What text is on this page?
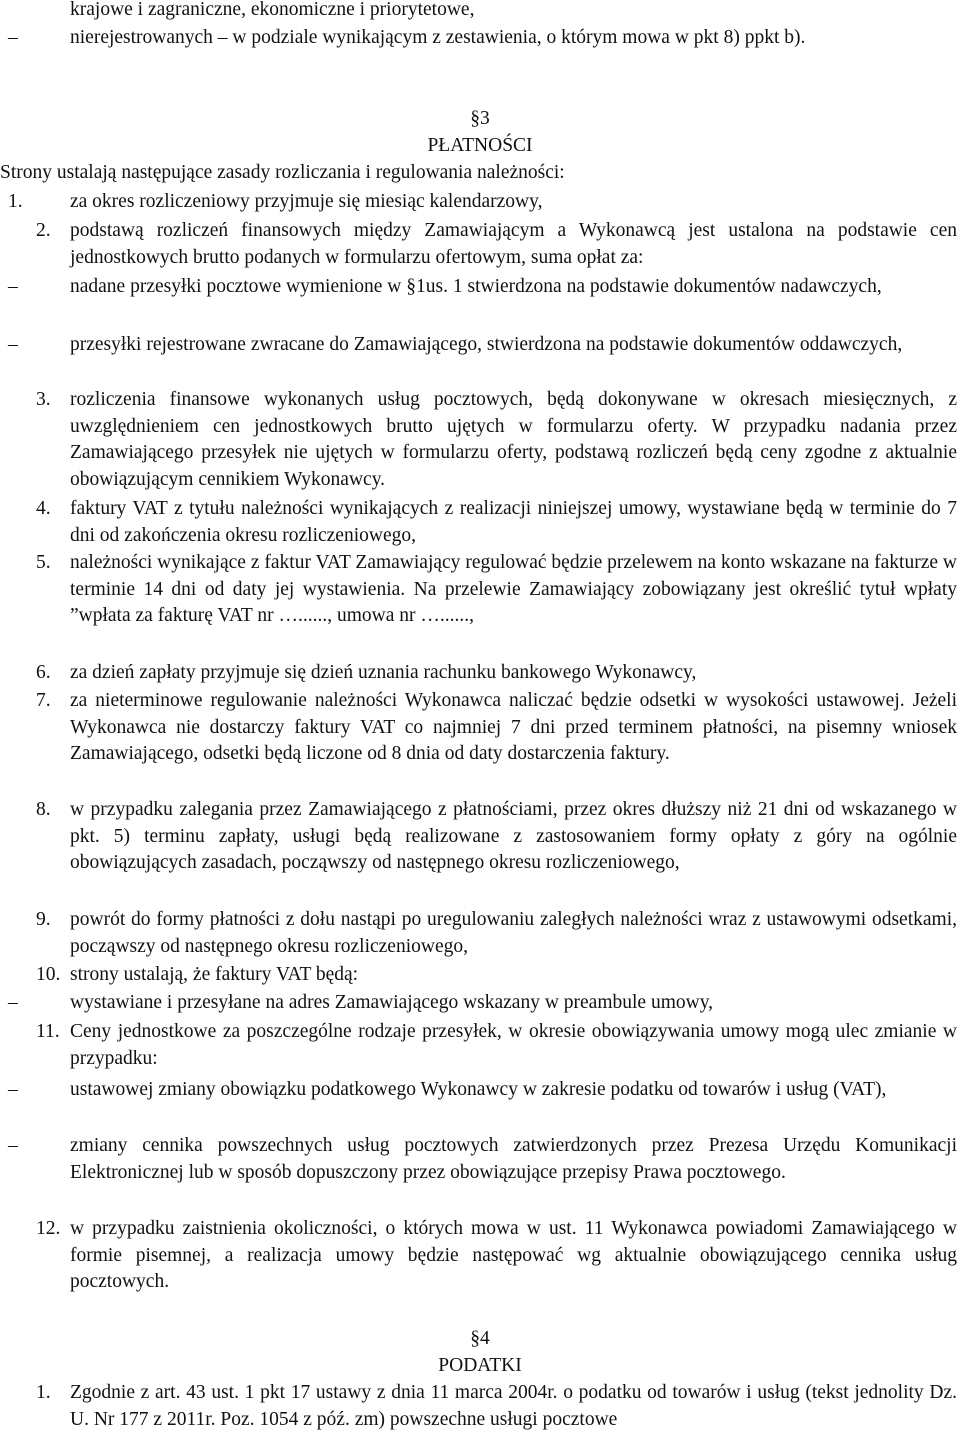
krajowe i zagraniczne, ekonomiczne i priorytetowe,
–	nierejestrowanych – w podziale wynikającym z zestawienia, o którym mowa w pkt 8) ppkt b).
§3
PŁATNOŚCI
Strony ustalają następujące zasady rozliczania i regulowania należności:
1. za okres rozliczeniowy przyjmuje się miesiąc kalendarzowy,
2. podstawą rozliczeń finansowych między Zamawiającym a Wykonawcą jest ustalona na podstawie cen jednostkowych brutto podanych w formularzu ofertowym, suma opłat za:
–	nadane przesyłki pocztowe wymienione w §1us. 1 stwierdzona na podstawie dokumentów nadawczych,
–	przesyłki rejestrowane zwracane do Zamawiającego, stwierdzona na podstawie dokumentów oddawczych,
3. rozliczenia finansowe wykonanych usług pocztowych, będą dokonywane w okresach miesięcznych, z uwzględnieniem cen jednostkowych brutto ujętych w formularzu oferty. W przypadku nadania przez Zamawiającego przesyłek nie ujętych w formularzu oferty, podstawą rozliczeń będą ceny zgodne z aktualnie obowiązującym cennikiem Wykonawcy.
4. faktury VAT z tytułu należności wynikających z realizacji niniejszej umowy, wystawiane będą w terminie do 7 dni od zakończenia okresu rozliczeniowego,
5. należności wynikające z faktur VAT Zamawiający regulować będzie przelewem na konto wskazane na fakturze w terminie 14 dni od daty jej wystawienia. Na przelewie Zamawiający zobowiązany jest określić tytuł wpłaty ”wpłata za fakturę VAT nr …......, umowa nr …......,
6. za dzień zapłaty przyjmuje się dzień uznania rachunku bankowego Wykonawcy,
7. za nieterminowe regulowanie należności Wykonawca naliczać będzie odsetki w wysokości ustawowej. Jeżeli Wykonawca nie dostarczy faktury VAT co najmniej 7 dni przed terminem płatności, na pisemny wniosek Zamawiającego, odsetki będą liczone od 8 dnia od daty dostarczenia faktury.
8. w przypadku zalegania przez Zamawiającego z płatnościami, przez okres dłuższy niż 21 dni od wskazanego w pkt. 5) terminu zapłaty, usługi będą realizowane z zastosowaniem formy opłaty z góry na ogólnie obowiązujących zasadach, począwszy od następnego okresu rozliczeniowego,
9. powrót do formy płatności z dołu nastąpi po uregulowaniu zaległych należności wraz z ustawowymi odsetkami, począwszy od następnego okresu rozliczeniowego,
10. strony ustalają, że faktury VAT będą:
–	wystawiane i przesyłane na adres Zamawiającego wskazany w preambule umowy,
11. Ceny jednostkowe za poszczególne rodzaje przesyłek, w okresie obowiązywania umowy mogą ulec zmianie w przypadku:
–	ustawowej zmiany obowiązku podatkowego Wykonawcy w zakresie podatku od towarów i usług (VAT),
–	zmiany cennika powszechnych usług pocztowych zatwierdzonych przez Prezesa Urzędu Komunikacji Elektronicznej lub w sposób dopuszczony przez obowiązujące przepisy Prawa pocztowego.
12. w przypadku zaistnienia okoliczności, o których mowa w ust. 11 Wykonawca powiadomi Zamawiającego w formie pisemnej, a realizacja umowy będzie następować wg aktualnie obowiązującego cennika usług pocztowych.
§4
PODATKI
1. Zgodnie z art. 43 ust. 1 pkt 17 ustawy z dnia 11 marca 2004r. o podatku od towarów i usług (tekst jednolity Dz. U. Nr 177 z 2011r. Poz. 1054 z póź. zm) powszechne usługi pocztowe
